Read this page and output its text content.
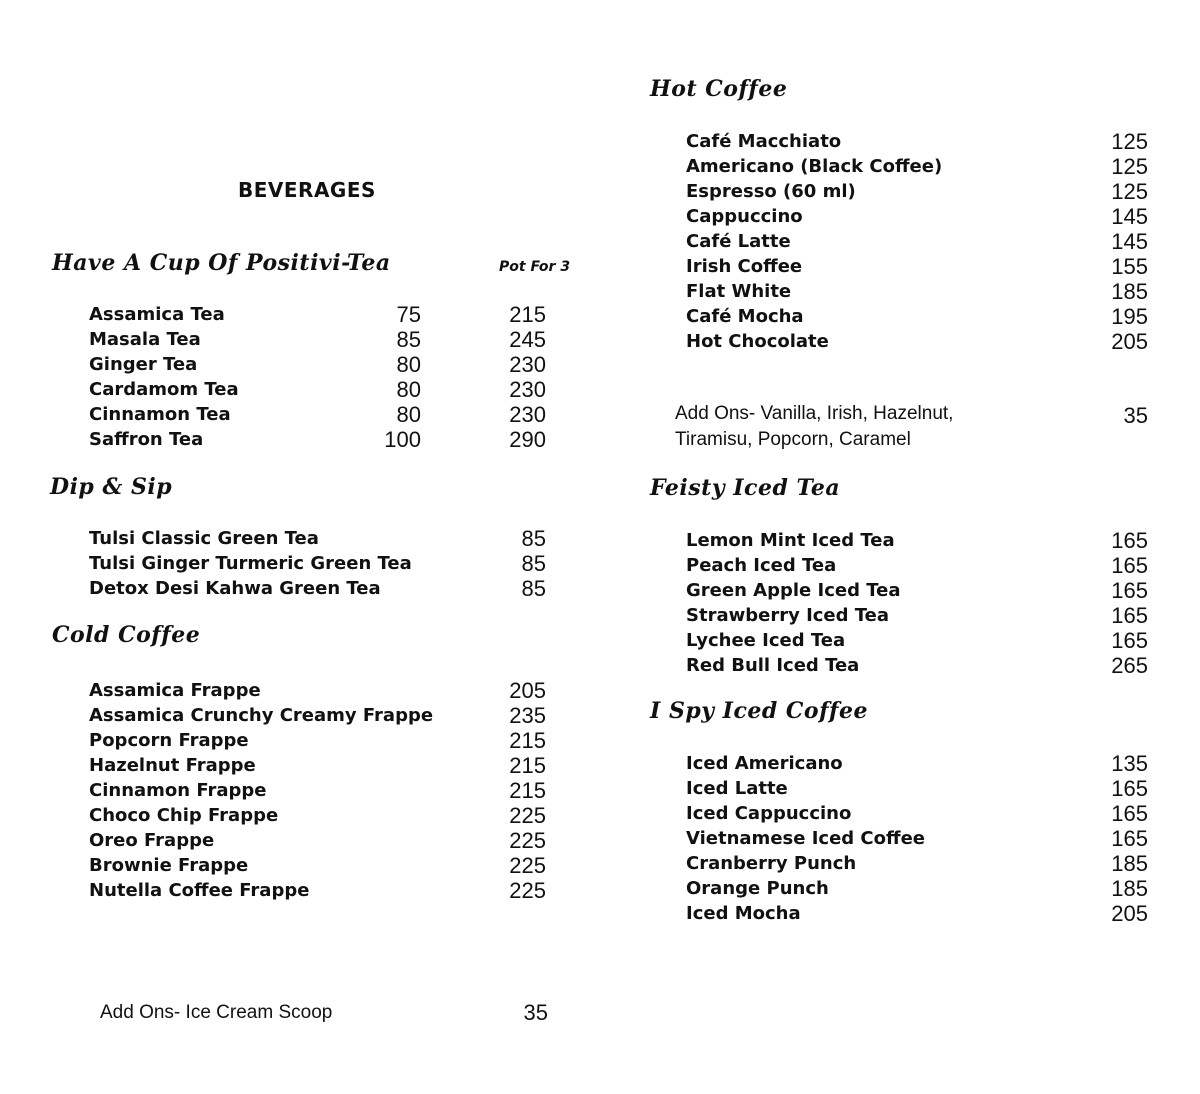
BEVERAGES
Have A Cup Of Positivi-Tea	Pot For 3
Assamica Tea	75	215
Masala Tea	85	245
Ginger Tea	80	230
Cardamom Tea	80	230
Cinnamon Tea	80	230
Saffron Tea	100	290
Dip & Sip
Tulsi Classic Green Tea	85
Tulsi Ginger Turmeric Green Tea	85
Detox Desi Kahwa Green Tea	85
Cold Coffee
Assamica Frappe	205
Assamica Crunchy Creamy Frappe	235
Popcorn Frappe	215
Hazelnut Frappe	215
Cinnamon Frappe	215
Choco Chip Frappe	225
Oreo Frappe	225
Brownie Frappe	225
Nutella Coffee Frappe	225
Add Ons- Ice Cream Scoop	35
Hot Coffee
Café Macchiato	125
Americano (Black Coffee)	125
Espresso (60 ml)	125
Cappuccino	145
Café Latte	145
Irish Coffee	155
Flat White	185
Café Mocha	195
Hot Chocolate	205
Add Ons- Vanilla, Irish, Hazelnut,
Tiramisu, Popcorn, Caramel
35
Feisty Iced Tea
Lemon Mint Iced Tea	165
Peach Iced Tea	165
Green Apple Iced Tea	165
Strawberry Iced Tea	165
Lychee Iced Tea	165
Red Bull Iced Tea	265
I Spy Iced Coffee
Iced Americano	135
Iced Latte	165
Iced Cappuccino	165
Vietnamese Iced Coffee	165
Cranberry Punch	185
Orange Punch	185
Iced Mocha	205
